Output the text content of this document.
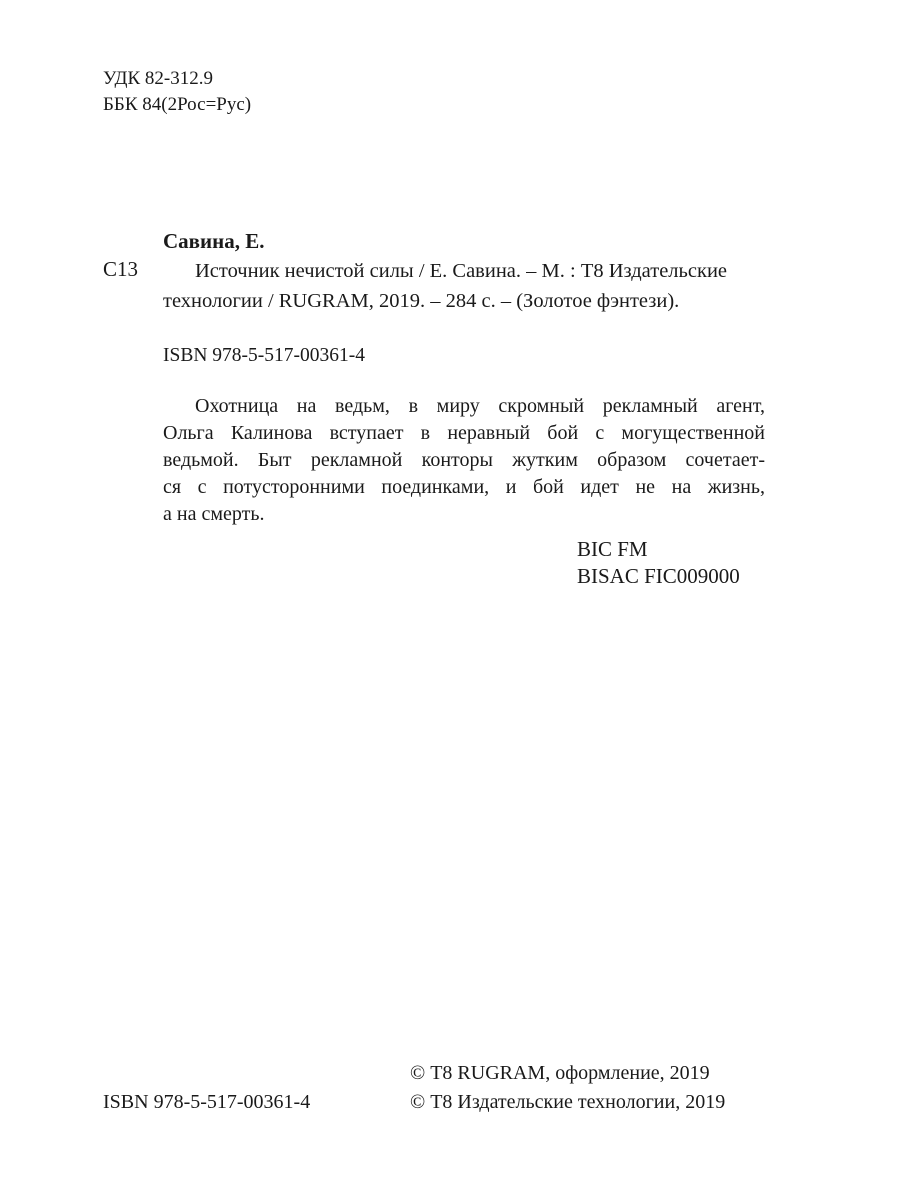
УДК 82-312.9
ББК 84(2Рос=Рус)
Савина, Е.
С13	Источник нечистой силы / Е. Савина. – М. : Т8 Издательские
технологии / RUGRAM, 2019. – 284 с. – (Золотое фэнтези).
ISBN 978-5-517-00361-4
Охотница на ведьм, в миру скромный рекламный агент,
Ольга Калинова вступает в неравный бой с могущественной
ведьмой. Быт рекламной конторы жутким образом сочетает-
ся с потусторонними поединками, и бой идет не на жизнь,
а на смерть.
BIC FM
BISAC FIC009000
© Т8 RUGRAM, оформление, 2019
© Т8 Издательские технологии, 2019
ISBN 978-5-517-00361-4
